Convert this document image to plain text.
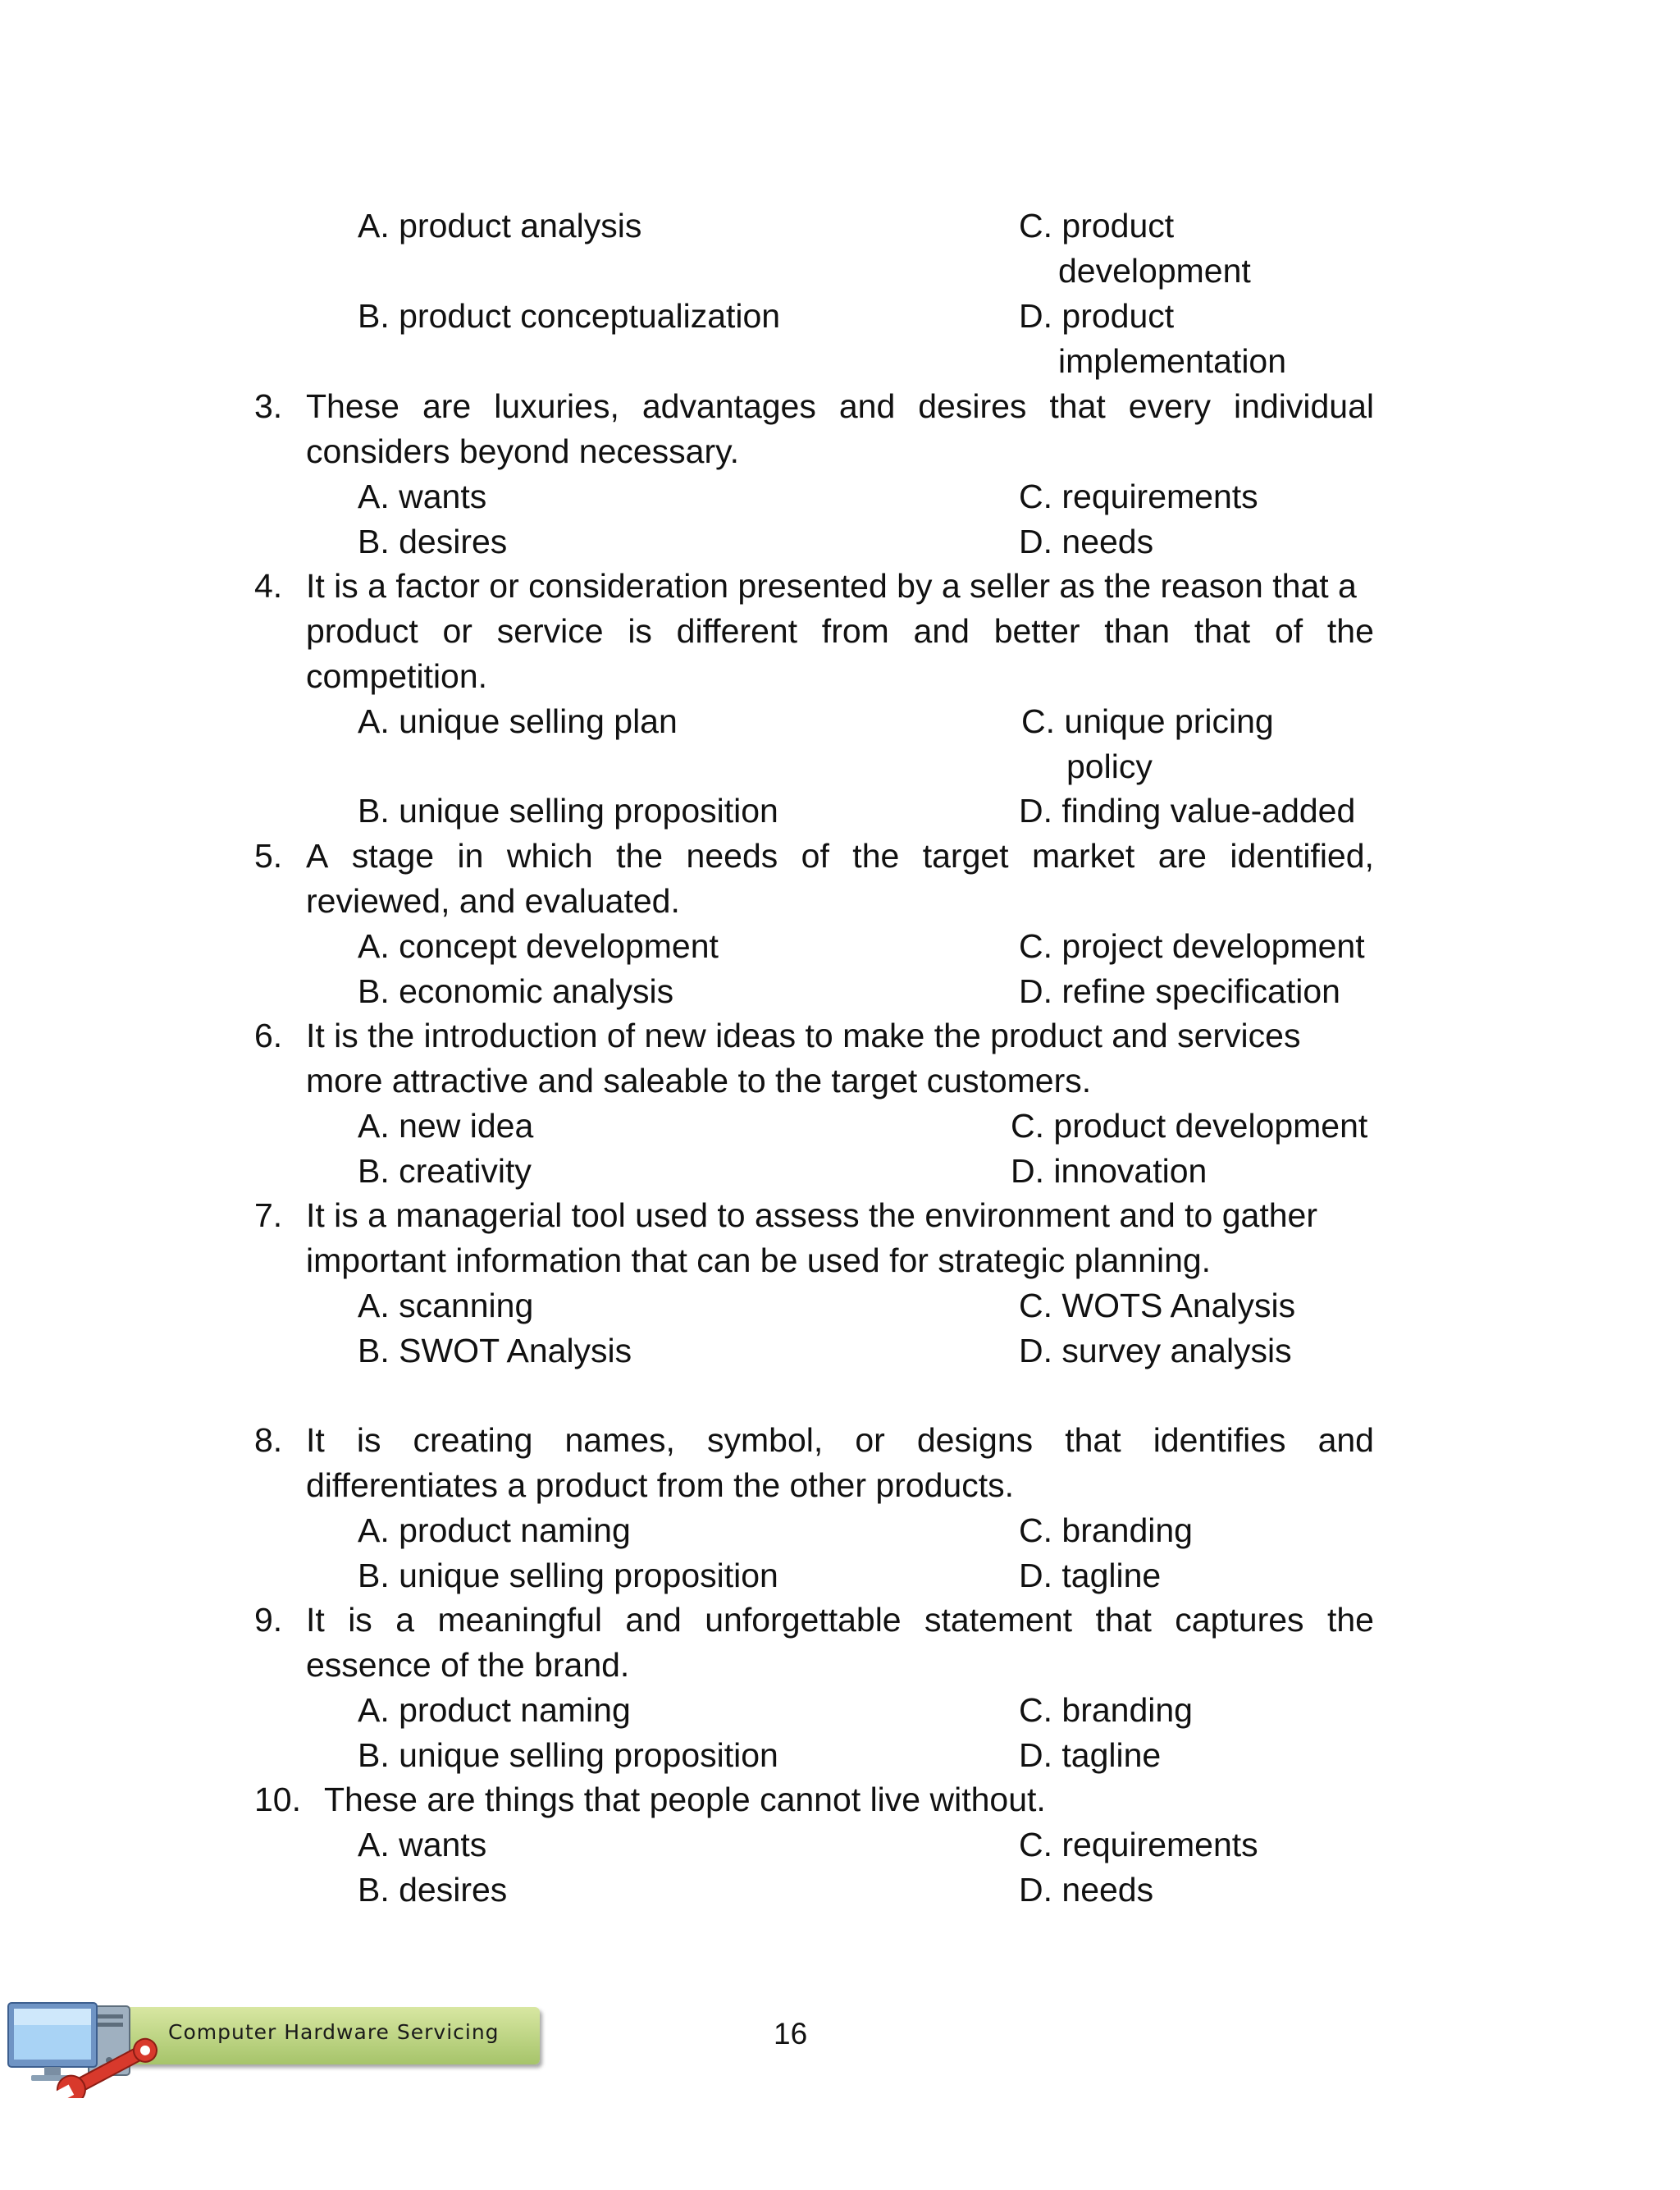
A. product analysis	C. product
development
B. product conceptualization	D. product
implementation
3. These are luxuries, advantages and desires that every individual
considers beyond necessary.
A. wants	C. requirements
B. desires	D. needs
4. It is a factor or consideration presented by a seller as the reason that a
product or service is different from and better than that of the
competition.
A. unique selling plan	C. unique pricing
policy
B. unique selling proposition	D. finding value-added
5. A stage in which the needs of the target market are identified,
reviewed, and evaluated.
A. concept development	C. project development
B. economic analysis	D. refine specification
6. It is the introduction of new ideas to make the product and services
more attractive and saleable to the target customers.
A. new idea	C. product development
B. creativity	D. innovation
7. It is a managerial tool used to assess the environment and to gather
important information that can be used for strategic planning.
A. scanning	C. WOTS Analysis
B. SWOT Analysis	D. survey analysis
8. It is creating names, symbol, or designs that identifies and
differentiates a product from the other products.
A. product naming	C. branding
B. unique selling proposition	D. tagline
9. It is a meaningful and unforgettable statement that captures the
essence of the brand.
A. product naming	C. branding
B. unique selling proposition	D. tagline
10. These are things that people cannot live without.
A. wants	C. requirements
B. desires	D. needs
Computer Hardware Servicing	16
